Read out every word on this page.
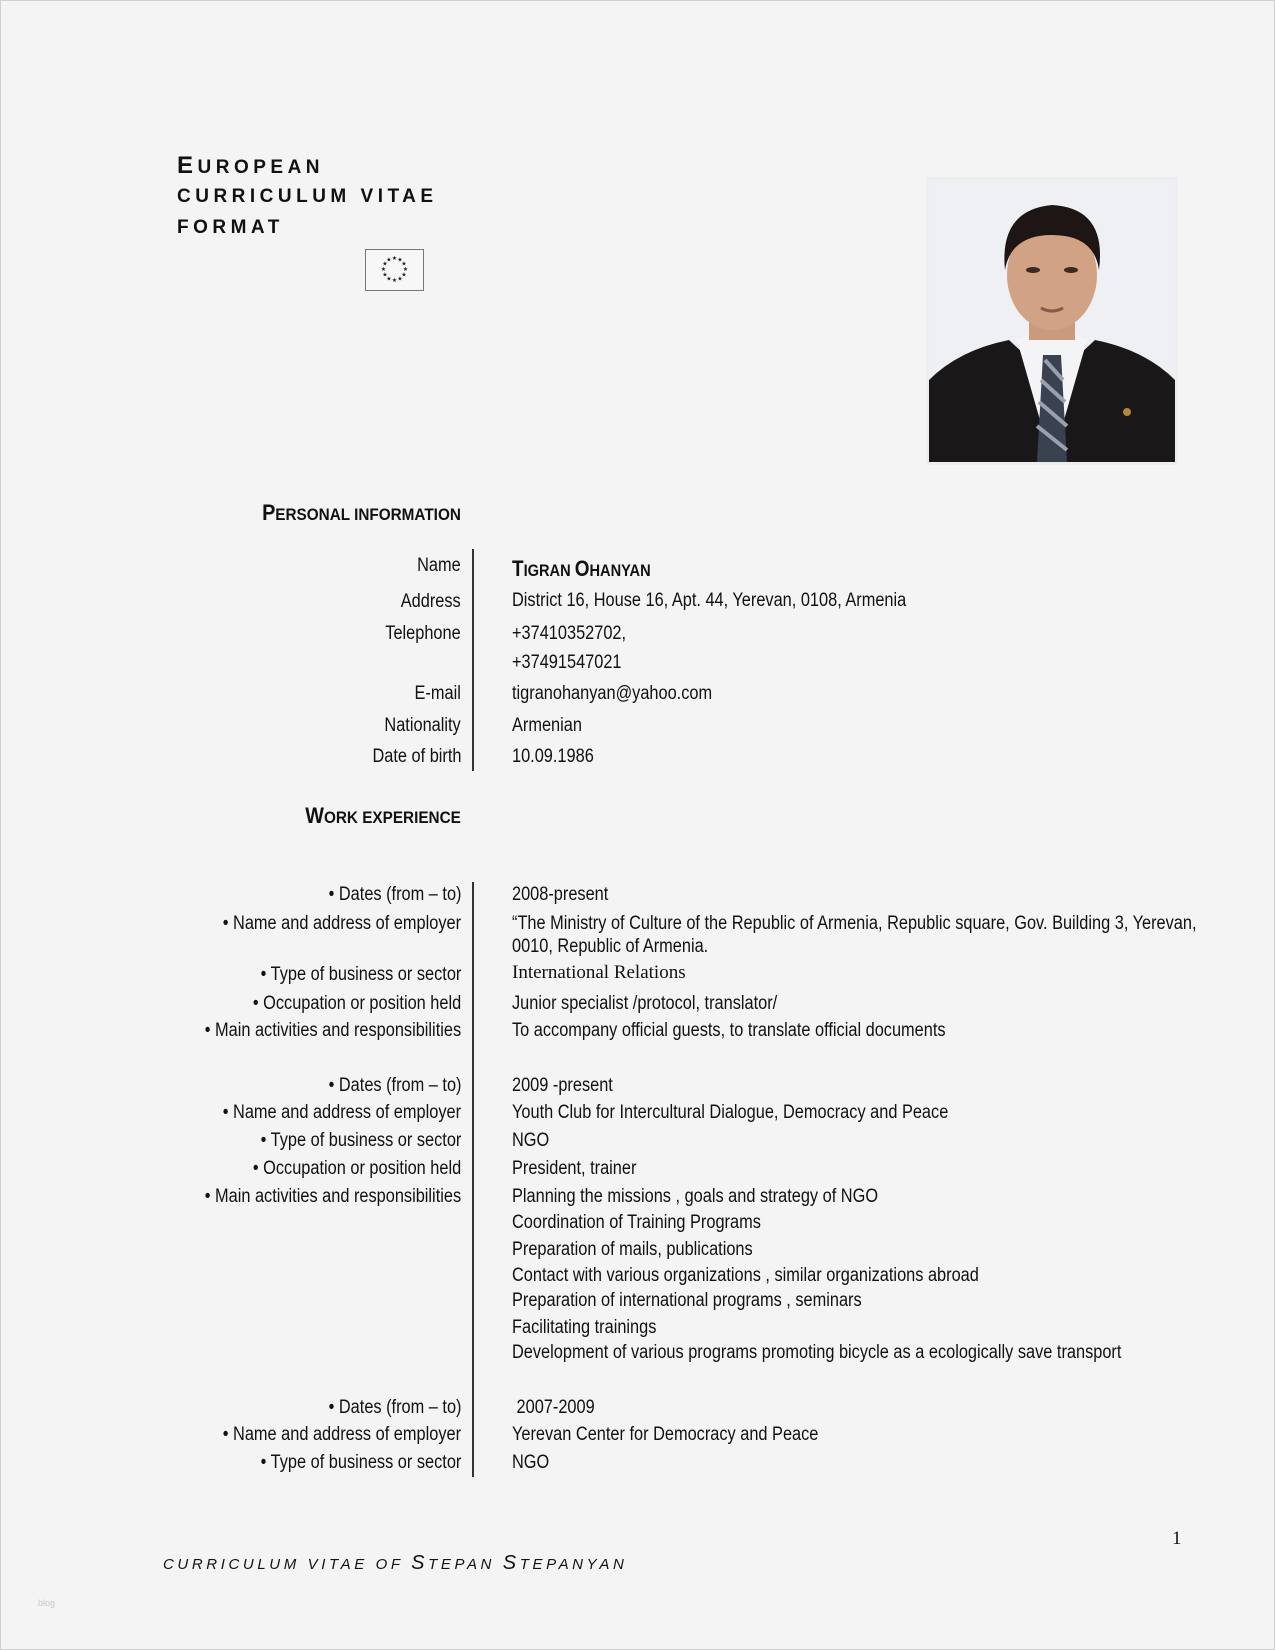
EUROPEAN
CURRICULUM VITAE
FORMAT
★ ★
★
★
★
★
★
★
★
★
★
★
PERSONAL INFORMATION
Name TIGRAN OHANYAN
Address	District 16, House 16, Apt. 44, Yerevan, 0108, Armenia
Telephone	+37410352702,
+37491547021
E-mail	tigranohanyan@yahoo.com
Nationality	Armenian
Date of birth	10.09.1986
WORK EXPERIENCE
• Dates (from – to)	2008-present
• Name and address of employer	“The Ministry of Culture of the Republic of Armenia, Republic square, Gov. Building 3, Yerevan,
0010, Republic of Armenia.
• Type of business or sector	International Relations
• Occupation or position held	Junior specialist /protocol, translator/
• Main activities and responsibilities	To accompany official guests, to translate official documents
• Dates (from – to)	2009 -present
• Name and address of employer	Youth Club for Intercultural Dialogue, Democracy and Peace
• Type of business or sector	NGO
• Occupation or position held	President, trainer
• Main activities and responsibilities	Planning the missions , goals and strategy of NGO
Coordination of Training Programs
Preparation of mails, publications
Contact with various organizations , similar organizations abroad
Preparation of international programs , seminars
Facilitating trainings
Development of various programs promoting bicycle as a ecologically save transport
• Dates (from – to)	2007-2009
• Name and address of employer	Yerevan Center for Democracy and Peace
• Type of business or sector	NGO
1
CURRICULUM VITAE OF STEPAN STEPANYAN
blog
